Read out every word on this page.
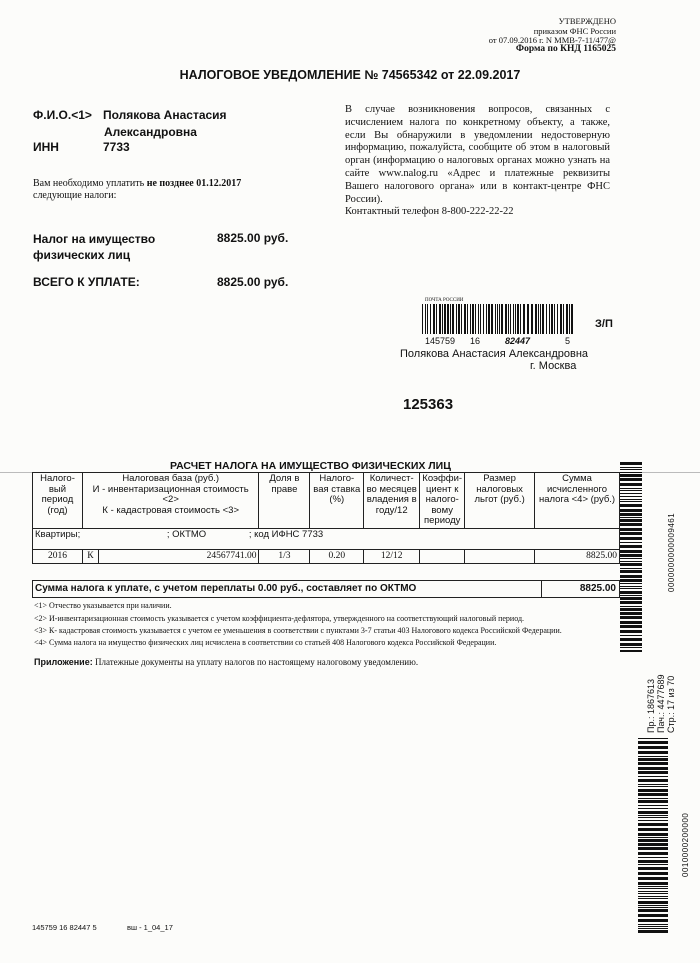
УТВЕРЖДЕНО
приказом ФНС России
от 07.09.2016 г. N ММВ-7-11/477@
Форма по КНД 1165025
НАЛОГОВОЕ УВЕДОМЛЕНИЕ № 74565342 от 22.09.2017
Ф.И.О.<1> Полякова Анастасия
Александровна
ИНН	7733
В случае возникновения вопросов, связанных с исчислением налога по конкретному объекту, а также, если Вы обнаружили в уведомлении недостоверную информацию, пожалуйста, сообщите об этом в налоговый орган (информацию о налоговых органах можно узнать на сайте www.nalog.ru «Адрес и платежные реквизиты Вашего налогового органа» или в контакт-центре ФНС России).
Контактный телефон 8-800-222-22-22
Вам необходимо уплатить не позднее 01.12.2017
следующие налоги:
Налог на имущество физических лиц
8825.00 руб.
ВСЕГО К УПЛАТЕ:	8825.00 руб.
ПОЧТА РОССИИ
145759 16	82447	5
З/П
Полякова Анастасия Александровна
г. Москва
125363
РАСЧЕТ НАЛОГА НА ИМУЩЕСТВО ФИЗИЧЕСКИХ ЛИЦ
Налого-вый период (год)	Налоговая база (руб.)
И - инвентаризационная стоимость <2>
К - кадастровая стоимость <3>		Доля в праве	Налого-вая ставка (%)	Количест-во месяцев владения в году/12	Коэффи-циент к налого-вому периоду	Размер налоговых льгот (руб.)	Сумма исчисленного налога <4> (руб.)
Квартиры; ; ОКТМО ; код ИФНС 7733								
2016	К	24567741.00	1/3	0.20	12/12			8825.00
Сумма налога к уплате, с учетом переплаты 0.00 руб., составляет по ОКТМО	8825.00
<1> Отчество указывается при наличии.
<2> И-инвентаризационная стоимость указывается с учетом коэффициента-дефлятора, утвержденного на соответствующий налоговый период.
<3> К- кадастровая стоимость указывается с учетом ее уменьшения в соответствии с пунктами 3-7 статьи 403 Налогового кодекса Российской Федерации.
<4> Сумма налога на имущество физических лиц исчислена в соответствии со статьей 408 Налогового кодекса Российской Федерации.
Приложение: Платежные документы на уплату налогов по настоящему налоговому уведомлению.
145759 16 82447 5	вш - 1_04_17
0000000000009461
Пр.: 1867613 Пач.: 4477689 Стр.: 17 из 70
0010000200000
